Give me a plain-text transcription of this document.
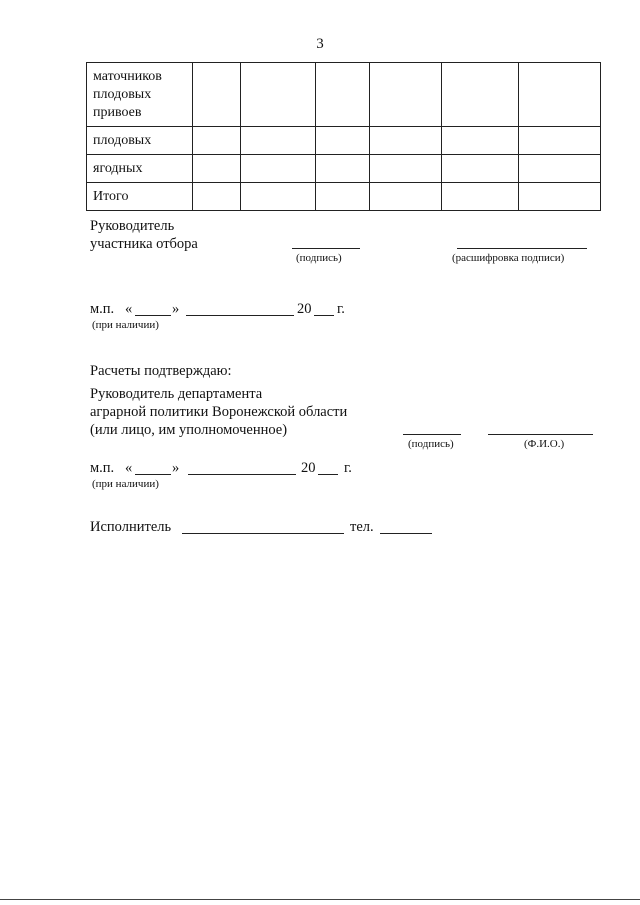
3
маточников плодовых привоев						
плодовых						
ягодных						
Итого						
Руководитель
участника отбора
(подпись)	(расшифровка подписи)
м.п. «	»	20 г.
(при наличии)
Расчеты подтверждаю:
Руководитель департамента
аграрной политики Воронежской области
(или лицо, им уполномоченное)
(подпись)	(Ф.И.О.)
м.п. «	»	20 г.
(при наличии)
Исполнитель	тел.
